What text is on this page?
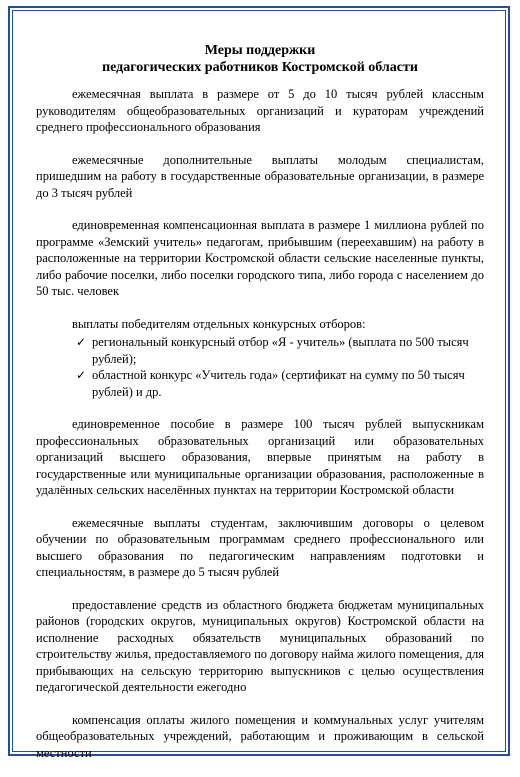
Меры поддержки
педагогических работников Костромской области

ежемесячная выплата в размере от 5 до 10 тысяч рублей классным руководителям общеобразовательных организаций и кураторам учреждений среднего профессионального образования

ежемесячные дополнительные выплаты молодым специалистам, пришедшим на работу в государственные образовательные организации, в размере до 3 тысяч рублей

единовременная компенсационная выплата в размере 1 миллиона рублей по программе «Земский учитель» педагогам, прибывшим (переехавшим) на работу в расположенные на территории Костромской области сельские населенные пункты, либо рабочие поселки, либо поселки городского типа, либо города с населением до 50 тыс. человек

выплаты победителям отдельных конкурсных отборов:

✓ региональный конкурсный отбор «Я - учитель» (выплата по 500 тысяч рублей);
✓ областной конкурс «Учитель года» (сертификат на сумму по 50 тысяч рублей) и др.

единовременное пособие в размере 100 тысяч рублей выпускникам профессиональных образовательных организаций или образовательных организаций высшего образования, впервые принятым на работу в государственные или муниципальные организации образования, расположенные в удалённых сельских населённых пунктах на территории Костромской области

ежемесячные выплаты студентам, заключившим договоры о целевом обучении по образовательным программам среднего профессионального или высшего образования по педагогическим направлениям подготовки и специальностям, в размере до 5 тысяч рублей

предоставление средств из областного бюджета бюджетам муниципальных районов (городских округов, муниципальных округов) Костромской области на исполнение расходных обязательств муниципальных образований по строительству жилья, предоставляемого по договору найма жилого помещения, для прибывающих на сельскую территорию выпускников с целью осуществления педагогической деятельности ежегодно

компенсация оплаты жилого помещения и коммунальных услуг учителям общеобразовательных учреждений, работающим и проживающим в сельской местности
